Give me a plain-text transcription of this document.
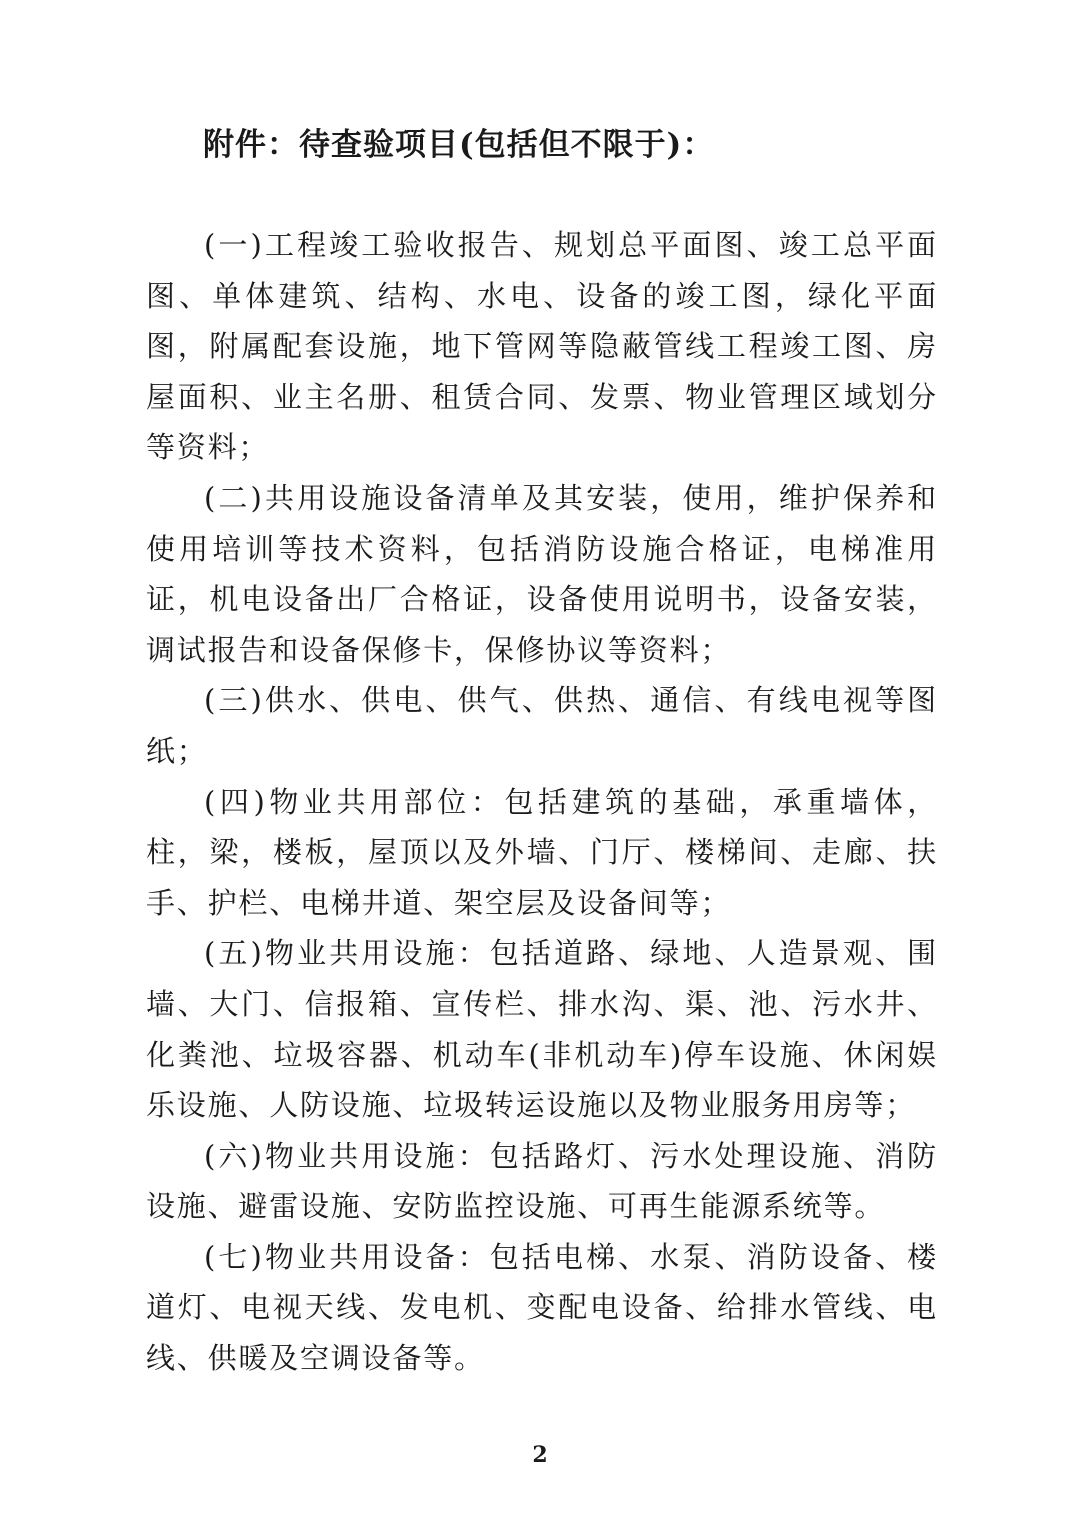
附件：待查验项目(包括但不限于)：

(一)工程竣工验收报告、规划总平面图、竣工总平面图、单体建筑、结构、水电、设备的竣工图，绿化平面图，附属配套设施，地下管网等隐蔽管线工程竣工图、房屋面积、业主名册、租赁合同、发票、物业管理区域划分等资料；

(二)共用设施设备清单及其安装，使用，维护保养和使用培训等技术资料，包括消防设施合格证，电梯准用证，机电设备出厂合格证，设备使用说明书，设备安装，调试报告和设备保修卡，保修协议等资料；

(三)供水、供电、供气、供热、通信、有线电视等图纸；

(四)物业共用部位：包括建筑的基础，承重墙体，柱，梁，楼板，屋顶以及外墙、门厅、楼梯间、走廊、扶手、护栏、电梯井道、架空层及设备间等；

(五)物业共用设施：包括道路、绿地、人造景观、围墙、大门、信报箱、宣传栏、排水沟、渠、池、污水井、化粪池、垃圾容器、机动车(非机动车)停车设施、休闲娱乐设施、人防设施、垃圾转运设施以及物业服务用房等；

(六)物业共用设施：包括路灯、污水处理设施、消防设施、避雷设施、安防监控设施、可再生能源系统等。

(七)物业共用设备：包括电梯、水泵、消防设备、楼道灯、电视天线、发电机、变配电设备、给排水管线、电线、供暖及空调设备等。

2
